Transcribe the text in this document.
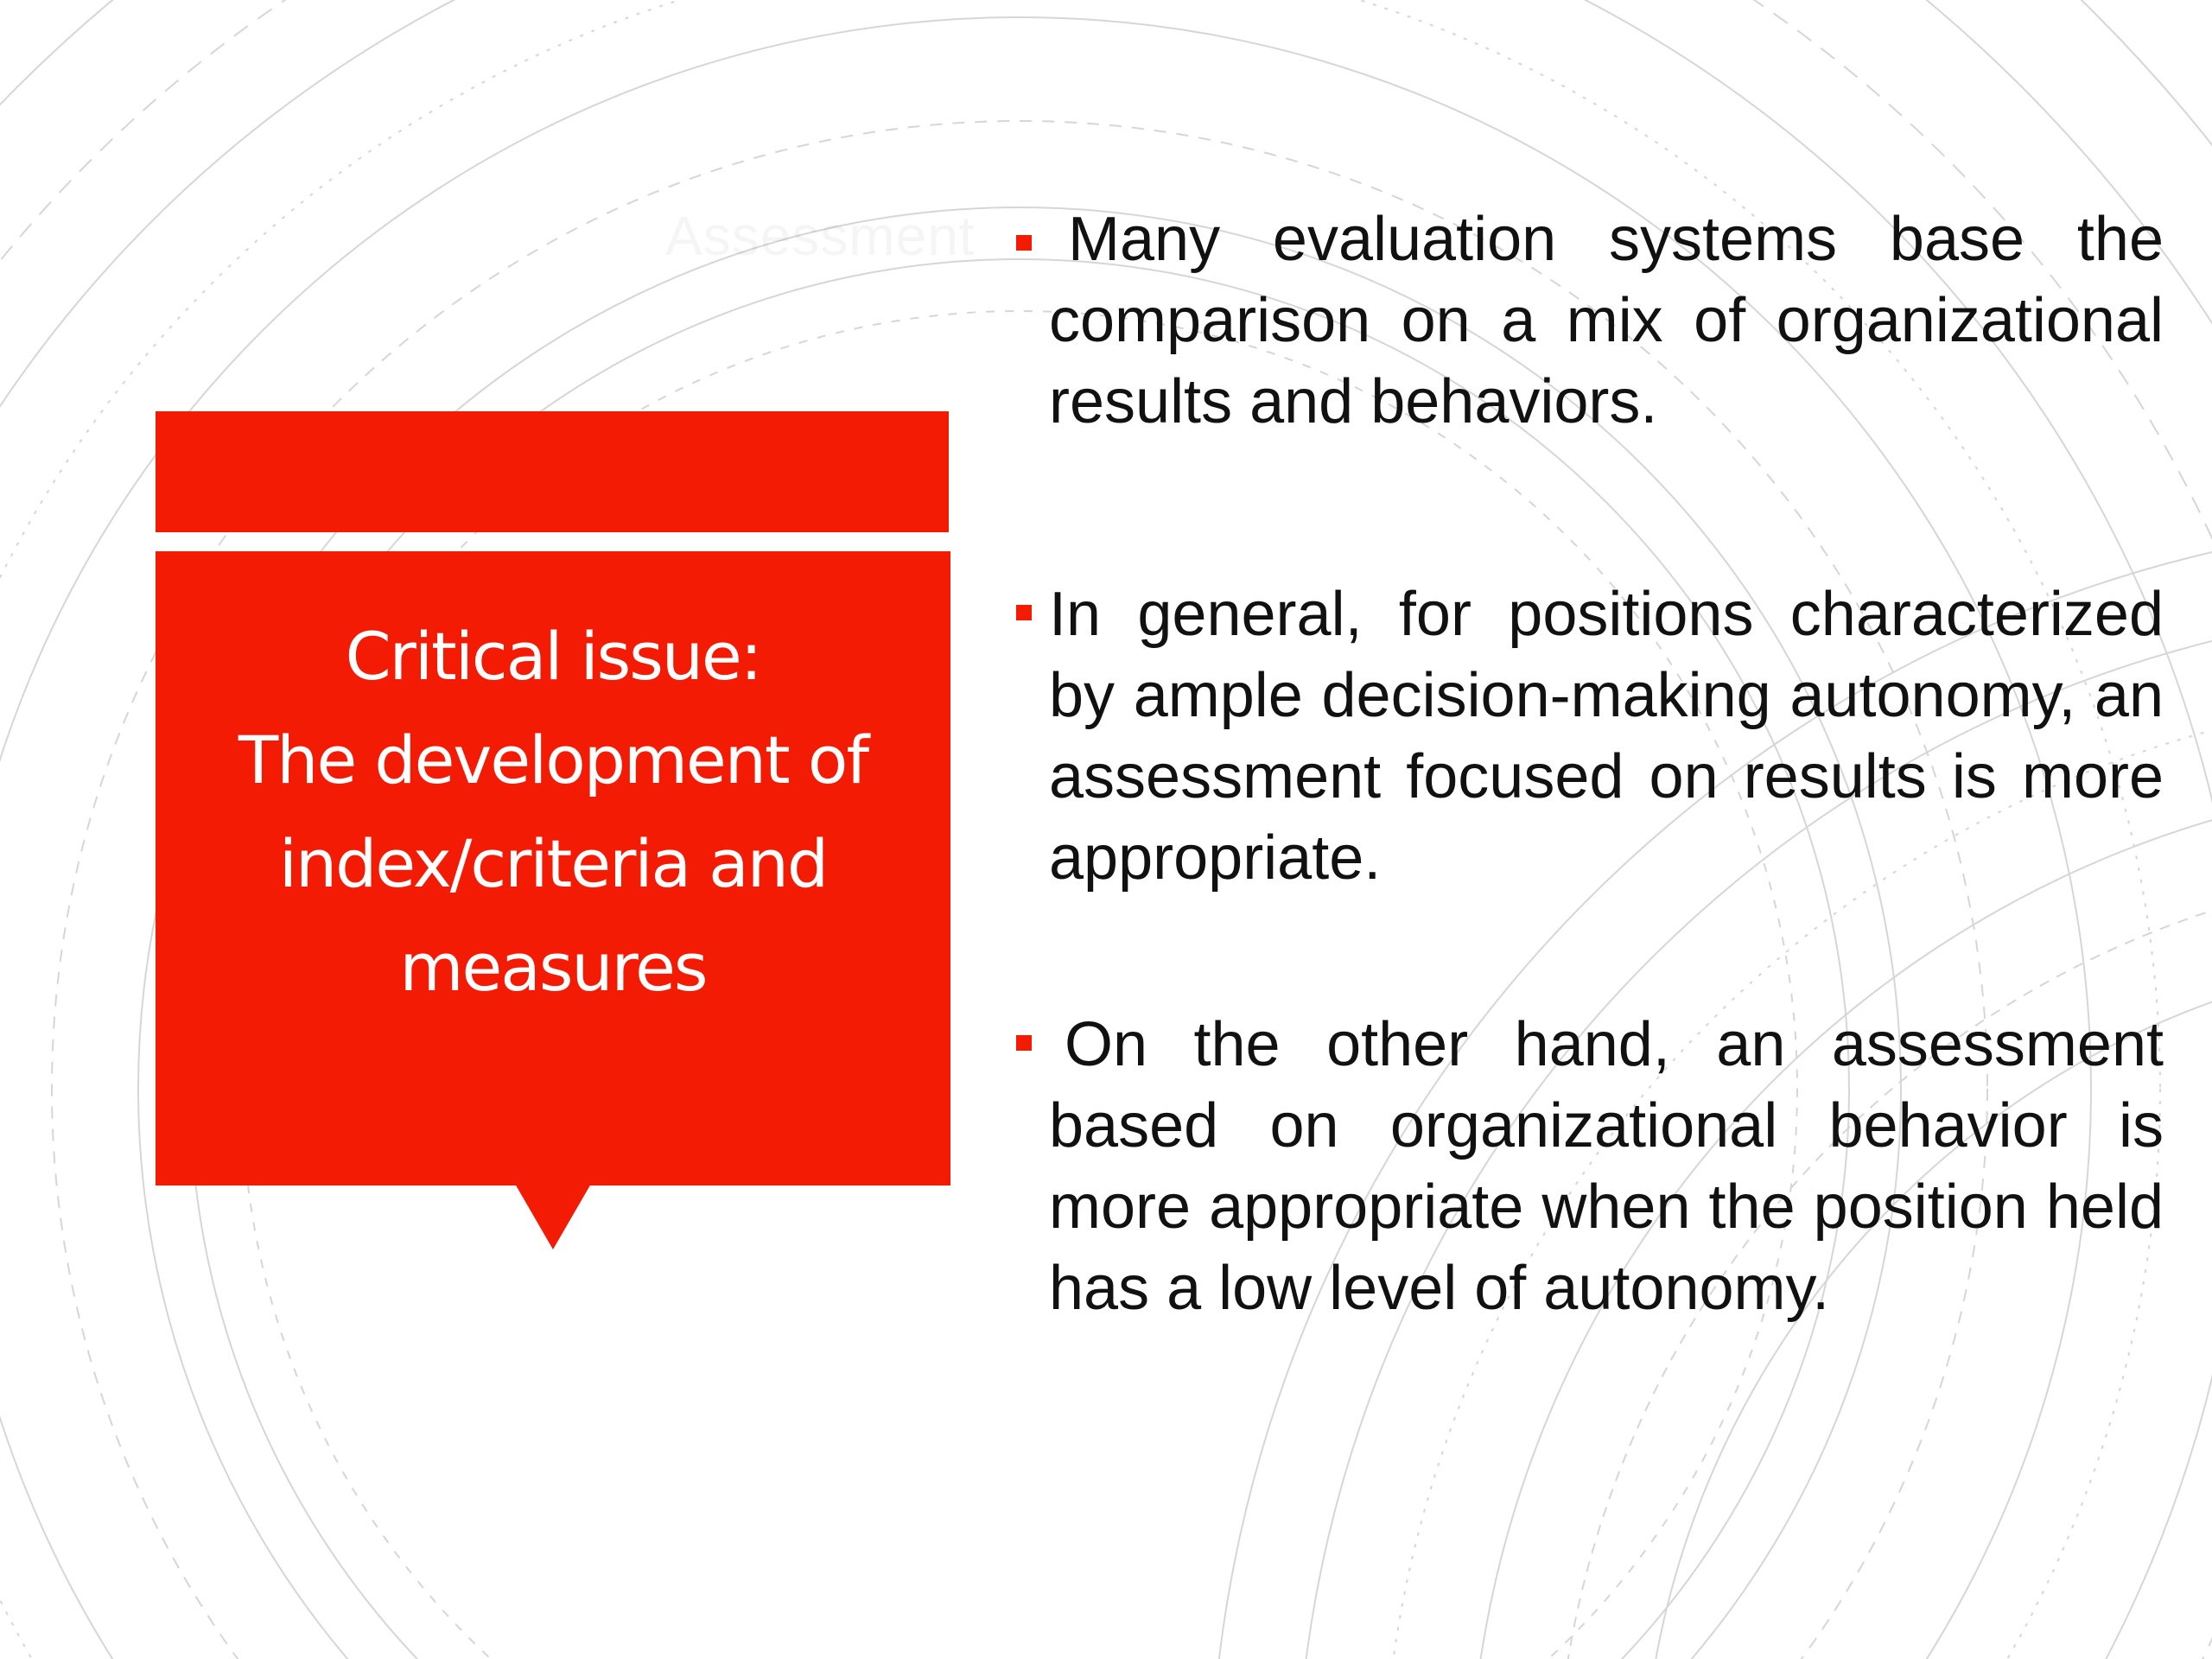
Critical issue:
The development of
index/criteria and
measures
Many evaluation systems base the comparison on a mix of organizational results and behaviors.
In general, for positions characterized by ample decision-making autonomy, an assessment focused on results is more appropriate.
On the other hand, an assessment based on organizational behavior is more appropriate when the position held has a low level of autonomy.
